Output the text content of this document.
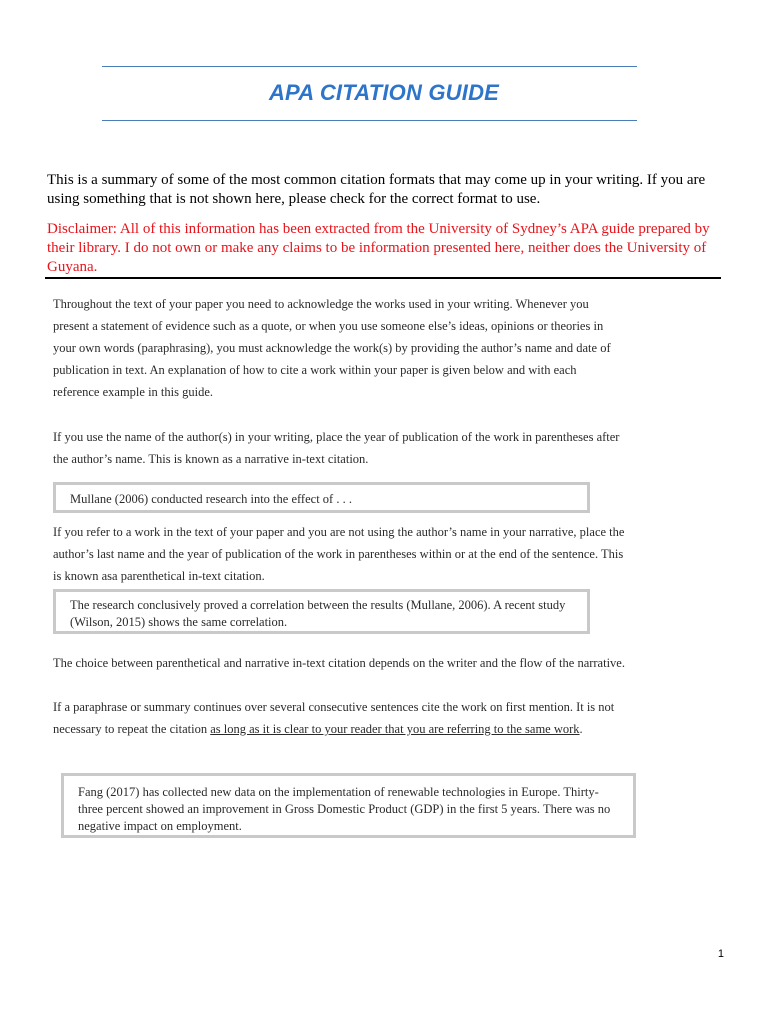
APA CITATION GUIDE

This is a summary of some of the most common citation formats that may come up in your writing. If you are using something that is not shown here, please check for the correct format to use.

Disclaimer: All of this information has been extracted from the University of Sydney’s APA guide prepared by their library. I do not own or make any claims to be information presented here, neither does the University of Guyana.

Throughout the text of your paper you need to acknowledge the works used in your writing. Whenever you present a statement of evidence such as a quote, or when you use someone else’s ideas, opinions or theories in your own words (paraphrasing), you must acknowledge the work(s) by providing the author’s name and date of publication in text. An explanation of how to cite a work within your paper is given below and with each reference example in this guide.

If you use the name of the author(s) in your writing, place the year of publication of the work in parentheses after the author’s name. This is known as a narrative in-text citation.

Mullane (2006) conducted research into the effect of . . .

If you refer to a work in the text of your paper and you are not using the author’s name in your narrative, place the author’s last name and the year of publication of the work in parentheses within or at the end of the sentence. This is known asa parenthetical in-text citation.

The research conclusively proved a correlation between the results (Mullane, 2006). A recent study (Wilson, 2015) shows the same correlation.

The choice between parenthetical and narrative in-text citation depends on the writer and the flow of the narrative.

If a paraphrase or summary continues over several consecutive sentences cite the work on first mention. It is not necessary to repeat the citation as long as it is clear to your reader that you are referring to the same work.

Fang (2017) has collected new data on the implementation of renewable technologies in Europe. Thirty-three percent showed an improvement in Gross Domestic Product (GDP) in the first 5 years. There was no negative impact on employment.
1
